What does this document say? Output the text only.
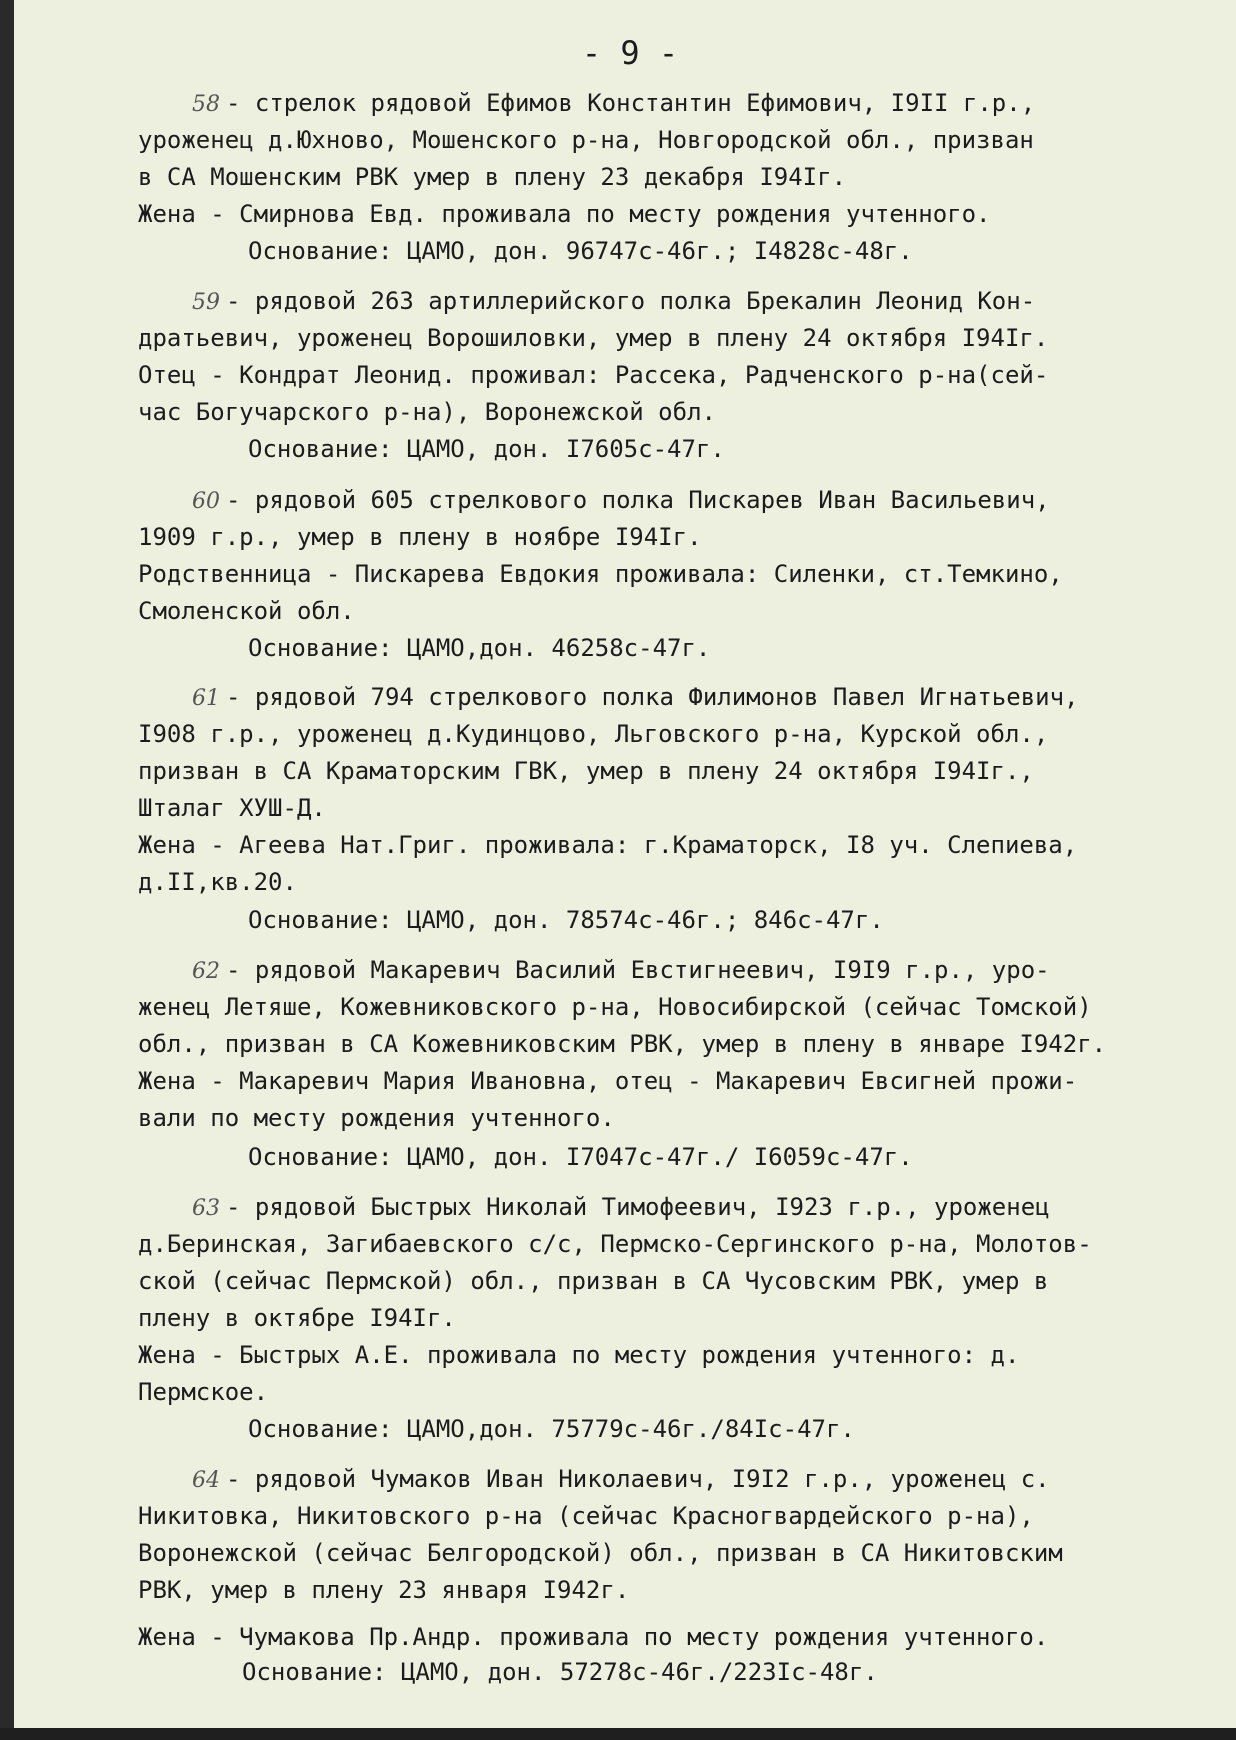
- 9 -
58 - стрелок рядовой Ефимов Константин Ефимович, I9II г.р.,
уроженец д.Юхново, Мошенского р-на, Новгородской обл., призван
в СА Мошенским РВК умер в плену 23 декабря I94Iг.
Жена - Смирнова Евд. проживала по месту рождения учтенного.
Основание: ЦАМО, дон. 96747с-46г.; I4828с-48г.
59 - рядовой 263 артиллерийского полка Брекалин Леонид Кон-
дратьевич, уроженец Ворошиловки, умер в плену 24 октября I94Iг.
Отец - Кондрат Леонид. проживал: Рассека, Радченского р-на(сей-
час Богучарского р-на), Воронежской обл.
Основание: ЦАМО, дон. I7605с-47г.
60 - рядовой 605 стрелкового полка Пискарев Иван Васильевич,
1909 г.р., умер в плену в ноябре I94Iг.
Родственница - Пискарева Евдокия проживала: Силенки, ст.Темкино,
Смоленской обл.
Основание: ЦАМО,дон. 46258с-47г.
61 - рядовой 794 стрелкового полка Филимонов Павел Игнатьевич,
I908 г.р., уроженец д.Кудинцово, Льговского р-на, Курской обл.,
призван в СА Краматорским ГВК, умер в плену 24 октября I94Iг.,
Шталаг ХУШ-Д.
Жена - Агеева Нат.Григ. проживала: г.Краматорск, I8 уч. Слепиева,
д.II,кв.20.
Основание: ЦАМО, дон. 78574с-46г.; 846с-47г.
62 - рядовой Макаревич Василий Евстигнеевич, I9I9 г.р., уро-
женец Летяше, Кожевниковского р-на, Новосибирской (сейчас Томской)
обл., призван в СА Кожевниковским РВК, умер в плену в январе I942г.
Жена - Макаревич Мария Ивановна, отец - Макаревич Евсигней прожи-
вали по месту рождения учтенного.
Основание: ЦАМО, дон. I7047с-47г./ I6059с-47г.
63 - рядовой Быстрых Николай Тимофеевич, I923 г.р., уроженец
д.Беринская, Загибаевского с/с, Пермско-Сергинского р-на, Молотов-
ской (сейчас Пермской) обл., призван в СА Чусовским РВК, умер в
плену в октябре I94Iг.
Жена - Быстрых А.Е. проживала по месту рождения учтенного: д.
Пермское.
Основание: ЦАМО,дон. 75779с-46г./84Iс-47г.
64 - рядовой Чумаков Иван Николаевич, I9I2 г.р., уроженец с.
Никитовка, Никитовского р-на (сейчас Красногвардейского р-на),
Воронежской (сейчас Белгородской) обл., призван в СА Никитовским
РВК, умер в плену 23 января I942г.
Жена - Чумакова Пр.Андр. проживала по месту рождения учтенного.
Основание: ЦАМО, дон. 57278с-46г./223Iс-48г.
